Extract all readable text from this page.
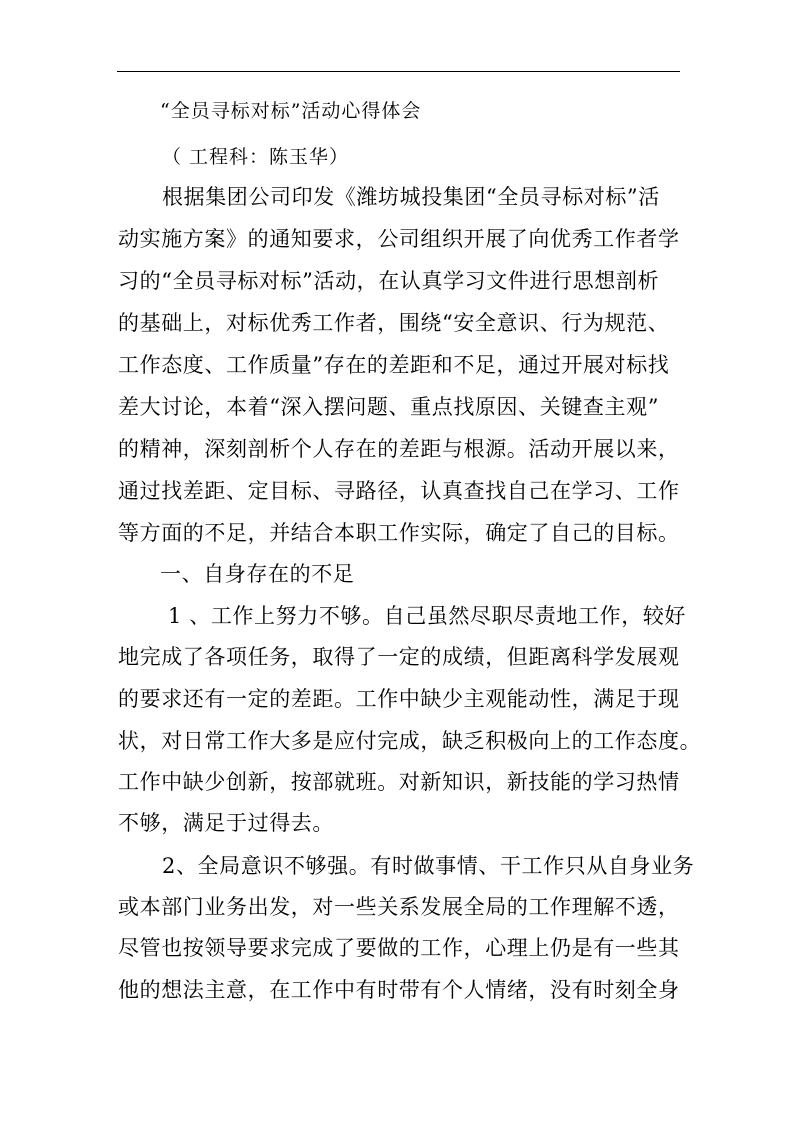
“全员寻标对标”活动心得体会
（ 工程科：陈玉华）
根据集团公司印发《潍坊城投集团“全员寻标对标”活
动实施方案》的通知要求，公司组织开展了向优秀工作者学
习的“全员寻标对标”活动，在认真学习文件进行思想剖析
的基础上，对标优秀工作者，围绕“安全意识、行为规范、
工作态度、工作质量”存在的差距和不足，通过开展对标找
差大讨论，本着“深入摆问题、重点找原因、关键查主观”
的精神，深刻剖析个人存在的差距与根源。活动开展以来，
通过找差距、定目标、寻路径，认真查找自己在学习、工作
等方面的不足，并结合本职工作实际，确定了自己的目标。
一、自身存在的不足
1 、工作上努力不够。自己虽然尽职尽责地工作，较好
地完成了各项任务，取得了一定的成绩，但距离科学发展观
的要求还有一定的差距。工作中缺少主观能动性，满足于现
状，对日常工作大多是应付完成，缺乏积极向上的工作态度。
工作中缺少创新，按部就班。对新知识，新技能的学习热情
不够，满足于过得去。
2、全局意识不够强。有时做事情、干工作只从自身业务
或本部门业务出发，对一些关系发展全局的工作理解不透，
尽管也按领导要求完成了要做的工作，心理上仍是有一些其
他的想法主意，在工作中有时带有个人情绪，没有时刻全身
